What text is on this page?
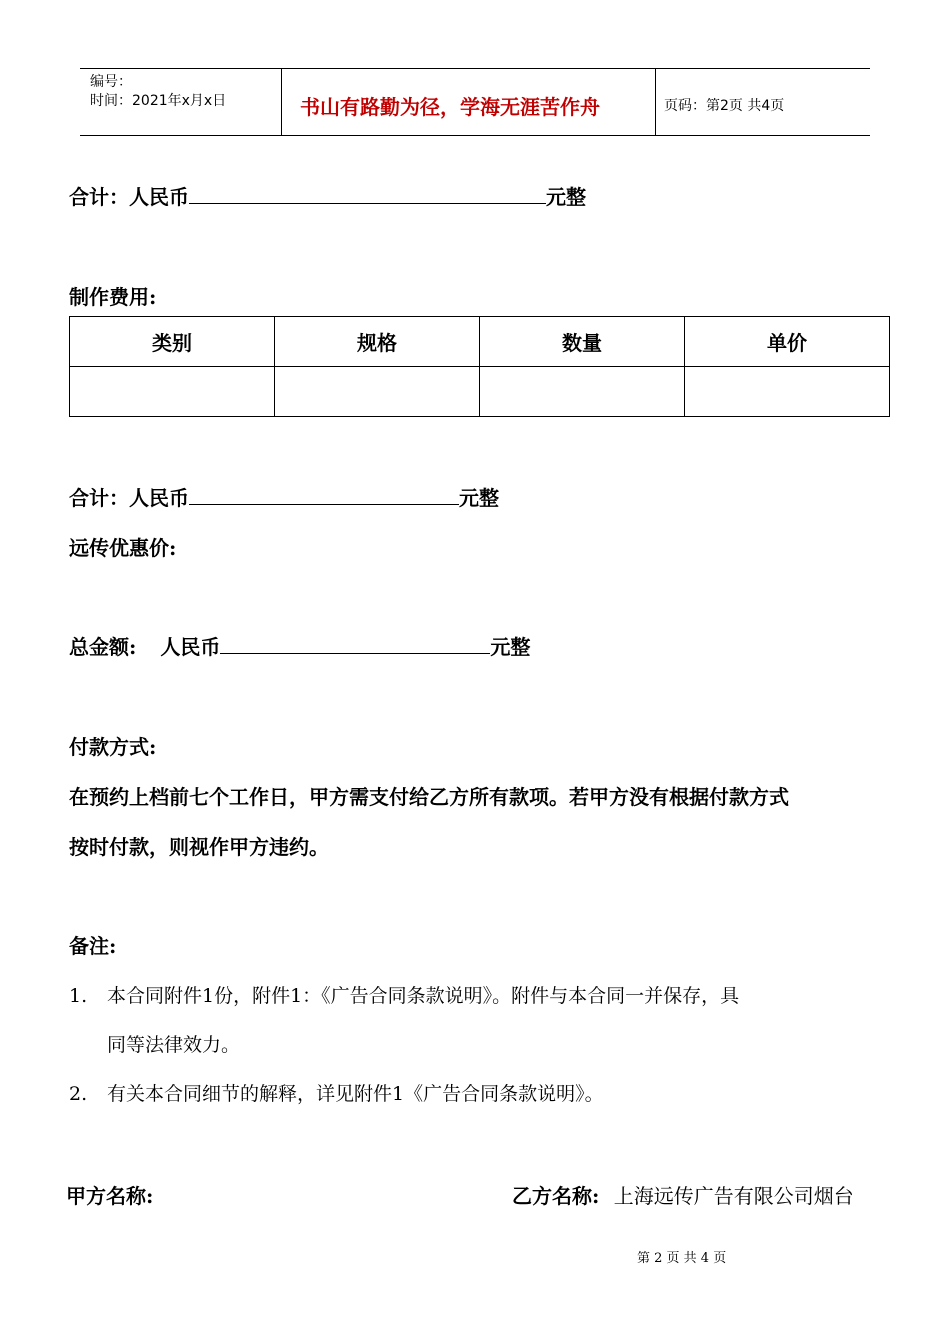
编号：
时间：2021年x月x日	书山有路勤为径，学海无涯苦作舟	页码：第2页 共4页
合计：人民币	元整
制作费用:
类别	规格	数量	单价

合计：人民币	元整
远传优惠价:
总金额: 人民币	元整
付款方式:
在预约上档前七个工作日，甲方需支付给乙方所有款项。若甲方没有根据付款方式
按时付款，则视作甲方违约。
备注:
1. 本合同附件1份，附件1：《广告合同条款说明》。附件与本合同一并保存，具
同等法律效力。
2. 有关本合同细节的解释，详见附件1《广告合同条款说明》。
甲方名称:	乙方名称: 上海远传广告有限公司烟台
第 2 页 共 4 页
